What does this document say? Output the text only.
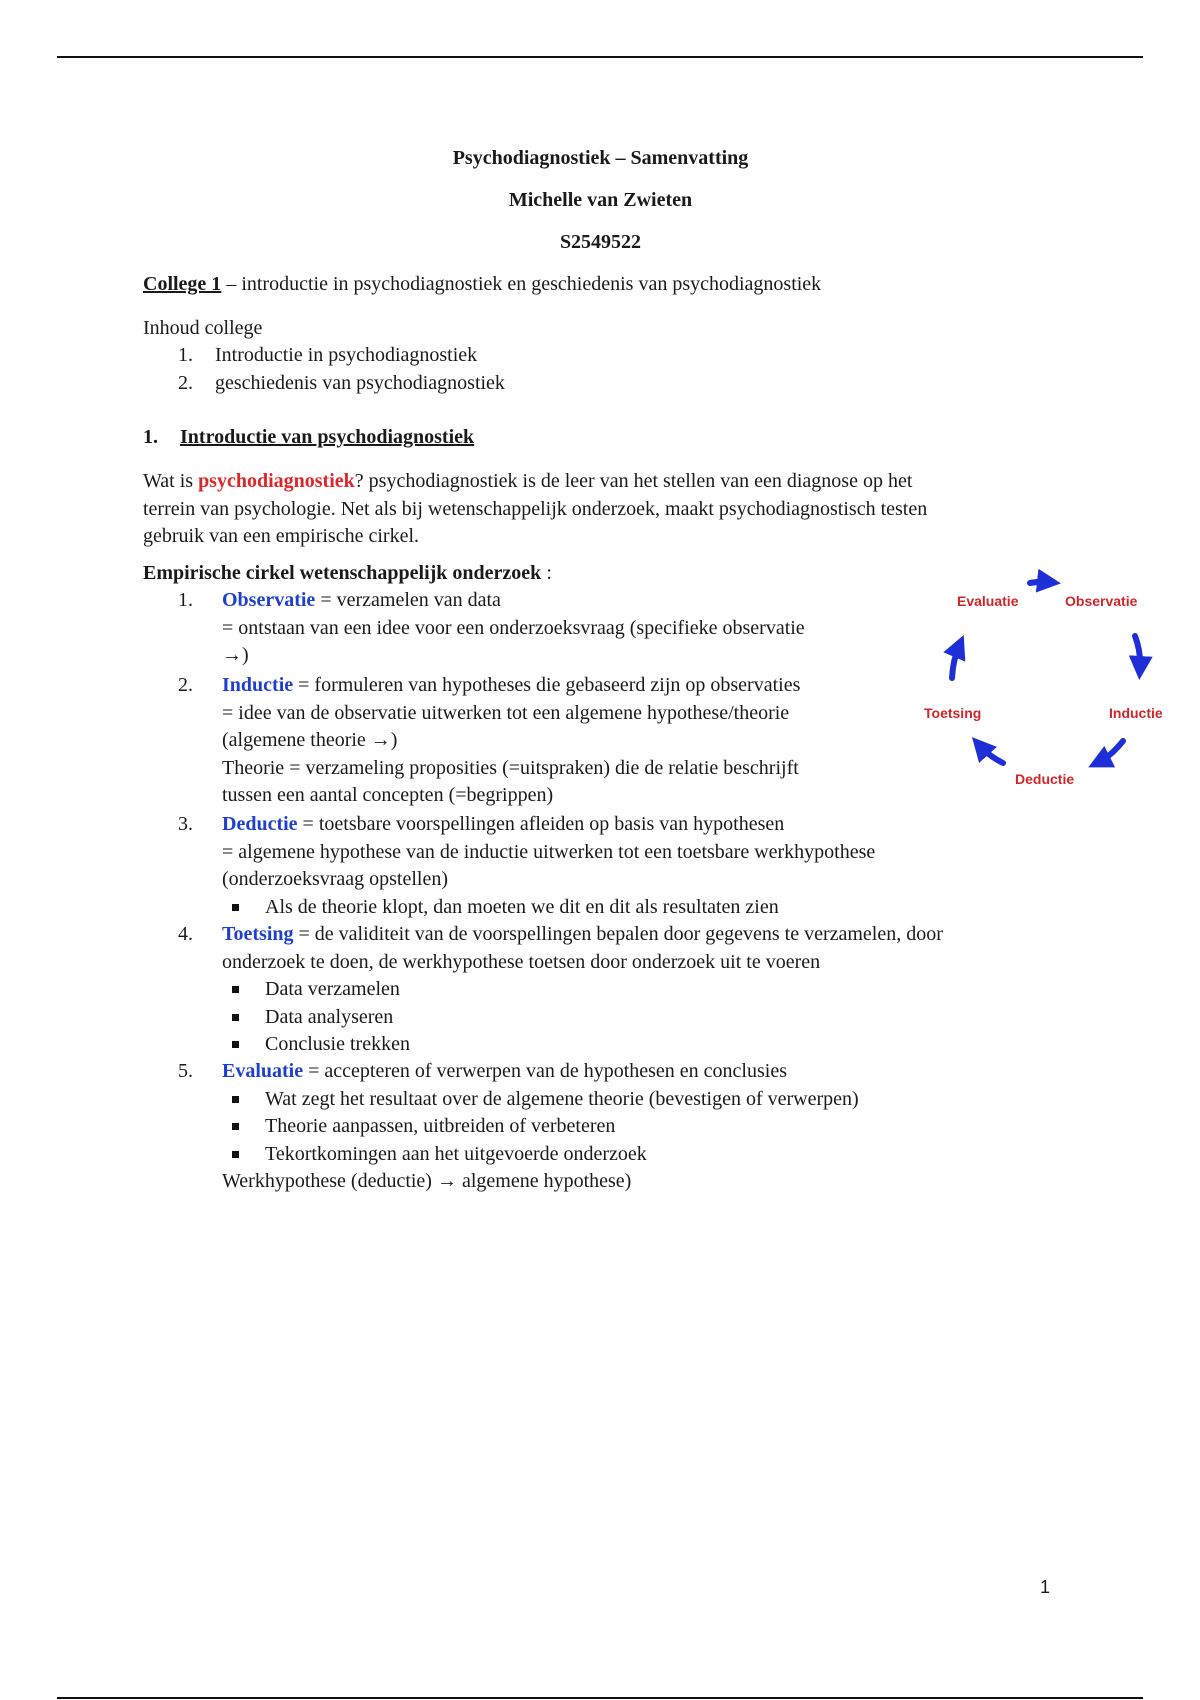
Psychodiagnostiek – Samenvatting

Michelle van Zwieten

S2549522

College 1 – introductie in psychodiagnostiek en geschiedenis van psychodiagnostiek

Inhoud college

1. Introductie in psychodiagnostiek
2. geschiedenis van psychodiagnostiek
1. Introductie van psychodiagnostiek

Wat is psychodiagnostiek? psychodiagnostiek is de leer van het stellen van een diagnose op het

terrein van psychologie. Net als bij wetenschappelijk onderzoek, maakt psychodiagnostisch testen

gebruik van een empirische cirkel.

Empirische cirkel wetenschappelijk onderzoek :

1. Observatie = verzamelen van data

= ontstaan van een idee voor een onderzoeksvraag (specifieke observatie

→)

2. Inductie = formuleren van hypotheses die gebaseerd zijn op observaties

= idee van de observatie uitwerken tot een algemene hypothese/theorie

(algemene theorie →)

Theorie = verzameling proposities (=uitspraken) die de relatie beschrijft

tussen een aantal concepten (=begrippen)

3. Deductie = toetsbare voorspellingen afleiden op basis van hypothesen

= algemene hypothese van de inductie uitwerken tot een toetsbare werkhypothese

(onderzoeksvraag opstellen)

Als de theorie klopt, dan moeten we dit en dit als resultaten zien

4. Toetsing = de validiteit van de voorspellingen bepalen door gegevens te verzamelen, door

onderzoek te doen, de werkhypothese toetsen door onderzoek uit te voeren

Data verzamelen

Data analyseren

Conclusie trekken

5. Evaluatie = accepteren of verwerpen van de hypothesen en conclusies

Wat zegt het resultaat over de algemene theorie (bevestigen of verwerpen)

Theorie aanpassen, uitbreiden of verbeteren

Tekortkomingen aan het uitgevoerde onderzoek

Werkhypothese (deductie) → algemene hypothese)

Evaluatie	Observatie
Inductie
Deductie
Toetsing
1
